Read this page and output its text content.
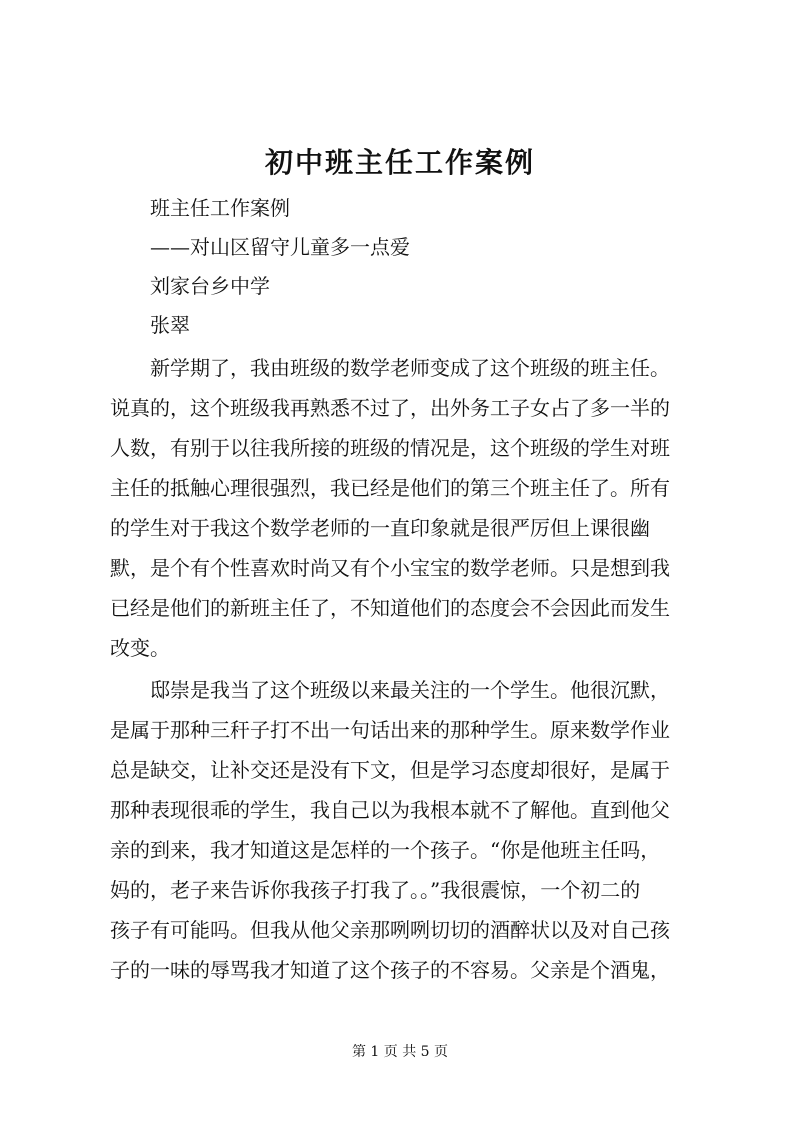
初中班主任工作案例
班主任工作案例
——对山区留守儿童多一点爱
刘家台乡中学
张翠
新学期了，我由班级的数学老师变成了这个班级的班主任。
说真的，这个班级我再熟悉不过了，出外务工子女占了多一半的
人数，有别于以往我所接的班级的情况是，这个班级的学生对班
主任的抵触心理很强烈，我已经是他们的第三个班主任了。所有
的学生对于我这个数学老师的一直印象就是很严厉但上课很幽
默，是个有个性喜欢时尚又有个小宝宝的数学老师。只是想到我
已经是他们的新班主任了，不知道他们的态度会不会因此而发生
改变。
邸崇是我当了这个班级以来最关注的一个学生。他很沉默，
是属于那种三秆子打不出一句话出来的那种学生。原来数学作业
总是缺交，让补交还是没有下文，但是学习态度却很好，是属于
那种表现很乖的学生，我自己以为我根本就不了解他。直到他父
亲的到来，我才知道这是怎样的一个孩子。“你是他班主任吗，
妈的，老子来告诉你我孩子打我了。。”我很震惊，一个初二的
孩子有可能吗。但我从他父亲那咧咧切切的酒醉状以及对自己孩
子的一味的辱骂我才知道了这个孩子的不容易。父亲是个酒鬼，
第 1 页 共 5 页
